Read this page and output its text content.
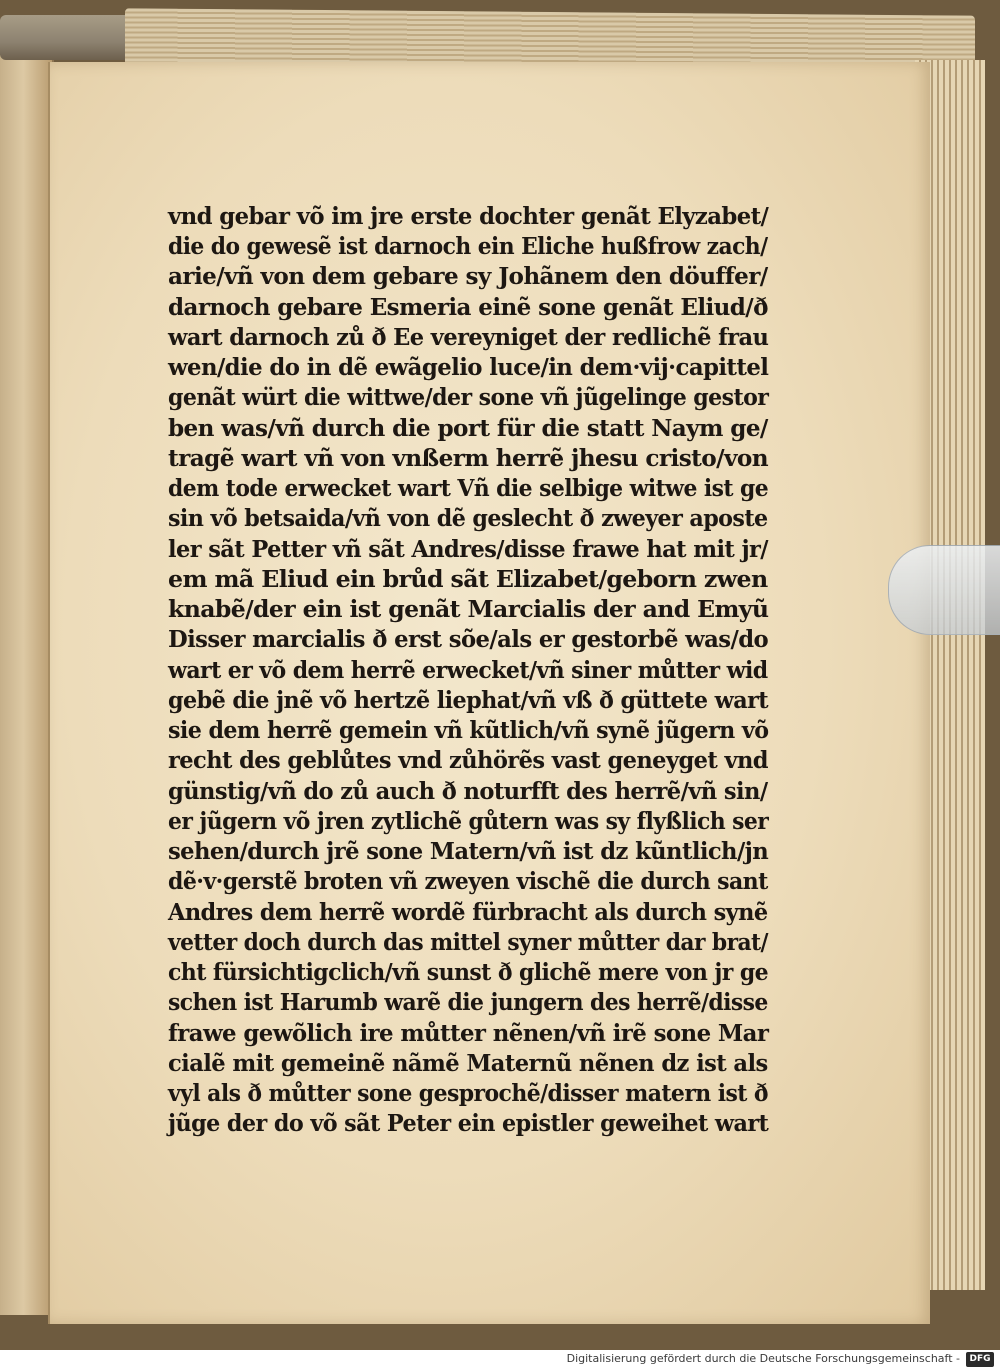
vnd gebar võ im jre erste dochter genãt Elyzabet/
die do gewesẽ ist darnoch ein Eliche hußfrow zach/
arie/vñ von dem gebare sy Johãnem den döuffer/
darnoch gebare Esmeria einẽ sone genãt Eliud/ð
wart darnoch zů ð Ee vereyniget der redlichẽ frau
wen/die do in dẽ ewãgelio luce/in dem·vij·capittel
genãt würt die wittwe/der sone vñ jũgelinge gestor
ben was/vñ durch die port für die statt Naym ge/
tragẽ wart vñ von vnßerm herrẽ jhesu cristo/von
dem tode erwecket wart Vñ die selbige witwe ist ge
sin võ betsaida/vñ von dẽ geslecht ð zweyer aposte
ler sãt Petter vñ sãt Andres/disse frawe hat mit jr/
em mã Eliud ein brůd sãt Elizabet/geborn zwen
knabẽ/der ein ist genãt Marcialis der and Emyũ
Disser marcialis ð erst sõe/als er gestorbẽ was/do
wart er võ dem herrẽ erwecket/vñ siner můtter wid
gebẽ die jnẽ võ hertzẽ liephat/vñ vß ð güttete wart
sie dem herrẽ gemein vñ kũtlich/vñ synẽ jũgern võ
recht des geblůtes vnd zůhörẽs vast geneyget vnd
günstig/vñ do zů auch ð noturfft des herrẽ/vñ sin/
er jũgern võ jren zytlichẽ gůtern was sy flyßlich ser
sehen/durch jrẽ sone Matern/vñ ist dz kũntlich/jn
dẽ·v·gerstẽ broten vñ zweyen vischẽ die durch sant
Andres dem herrẽ wordẽ fürbracht als durch synẽ
vetter doch durch das mittel syner můtter dar brat/
cht fürsichtigclich/vñ sunst ð glichẽ mere von jr ge
schen ist Harumb warẽ die jungern des herrẽ/disse
frawe gewõlich ire můtter nẽnen/vñ irẽ sone Mar
cialẽ mit gemeinẽ nãmẽ Maternũ nẽnen dz ist als
vyl als ð můtter sone gesprochẽ/disser matern ist ð
jũge der do võ sãt Peter ein epistler geweihet wart
Digitalisierung gefördert durch die Deutsche Forschungsgemeinschaft -	DFG
